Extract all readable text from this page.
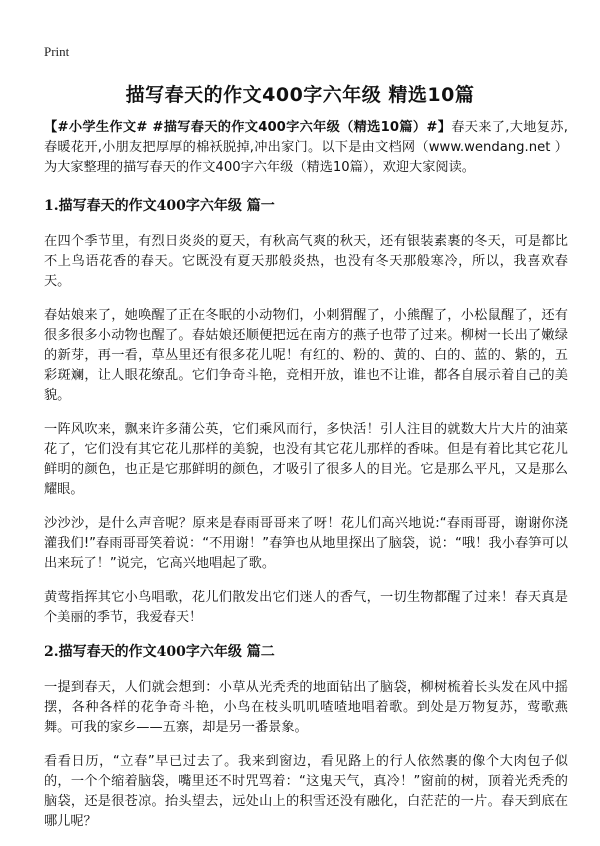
Print
描写春天的作文400字六年级 精选10篇

【#小学生作文# #描写春天的作文400字六年级（精选10篇）#】春天来了,大地复苏,春暖花开,小朋友把厚厚的棉袄脱掉,冲出家门。以下是由文档网（www.wendang.net ）为大家整理的描写春天的作文400字六年级（精选10篇），欢迎大家阅读。

1.描写春天的作文400字六年级 篇一

在四个季节里，有烈日炎炎的夏天，有秋高气爽的秋天，还有银装素裹的冬天，可是都比不上鸟语花香的春天。它既没有夏天那般炎热，也没有冬天那般寒冷，所以，我喜欢春天。

春姑娘来了，她唤醒了正在冬眠的小动物们，小刺猬醒了，小熊醒了，小松鼠醒了，还有很多很多小动物也醒了。春姑娘还顺便把远在南方的燕子也带了过来。柳树一长出了嫩绿的新芽，再一看，草丛里还有很多花儿呢！有红的、粉的、黄的、白的、蓝的、紫的，五彩斑斓，让人眼花缭乱。它们争奇斗艳，竞相开放，谁也不让谁，都各自展示着自己的美貌。

一阵风吹来，飘来许多蒲公英，它们乘风而行，多快活！引人注目的就数大片大片的油菜花了，它们没有其它花儿那样的美貌，也没有其它花儿那样的香味。但是有着比其它花儿鲜明的颜色，也正是它那鲜明的颜色，才吸引了很多人的目光。它是那么平凡，又是那么耀眼。

沙沙沙，是什么声音呢？原来是春雨哥哥来了呀！花儿们高兴地说:“春雨哥哥，谢谢你浇灌我们!”春雨哥哥笑着说：“不用谢！”春笋也从地里探出了脑袋，说：“哦！我小春笋可以出来玩了！”说完，它高兴地唱起了歌。

黄莺指挥其它小鸟唱歌，花儿们散发出它们迷人的香气，一切生物都醒了过来！春天真是个美丽的季节，我爱春天！

2.描写春天的作文400字六年级 篇二

一提到春天，人们就会想到：小草从光秃秃的地面钻出了脑袋，柳树梳着长头发在风中摇摆，各种各样的花争奇斗艳，小鸟在枝头叽叽喳喳地唱着歌。到处是万物复苏，莺歌燕舞。可我的家乡——五寨，却是另一番景象。

看看日历，“立春”早已过去了。我来到窗边，看见路上的行人依然裹的像个大肉包子似的，一个个缩着脑袋，嘴里还不时咒骂着：“这鬼天气，真冷！”窗前的树，顶着光秃秃的脑袋，还是很苍凉。抬头望去，远处山上的积雪还没有融化，白茫茫的一片。春天到底在哪儿呢？
